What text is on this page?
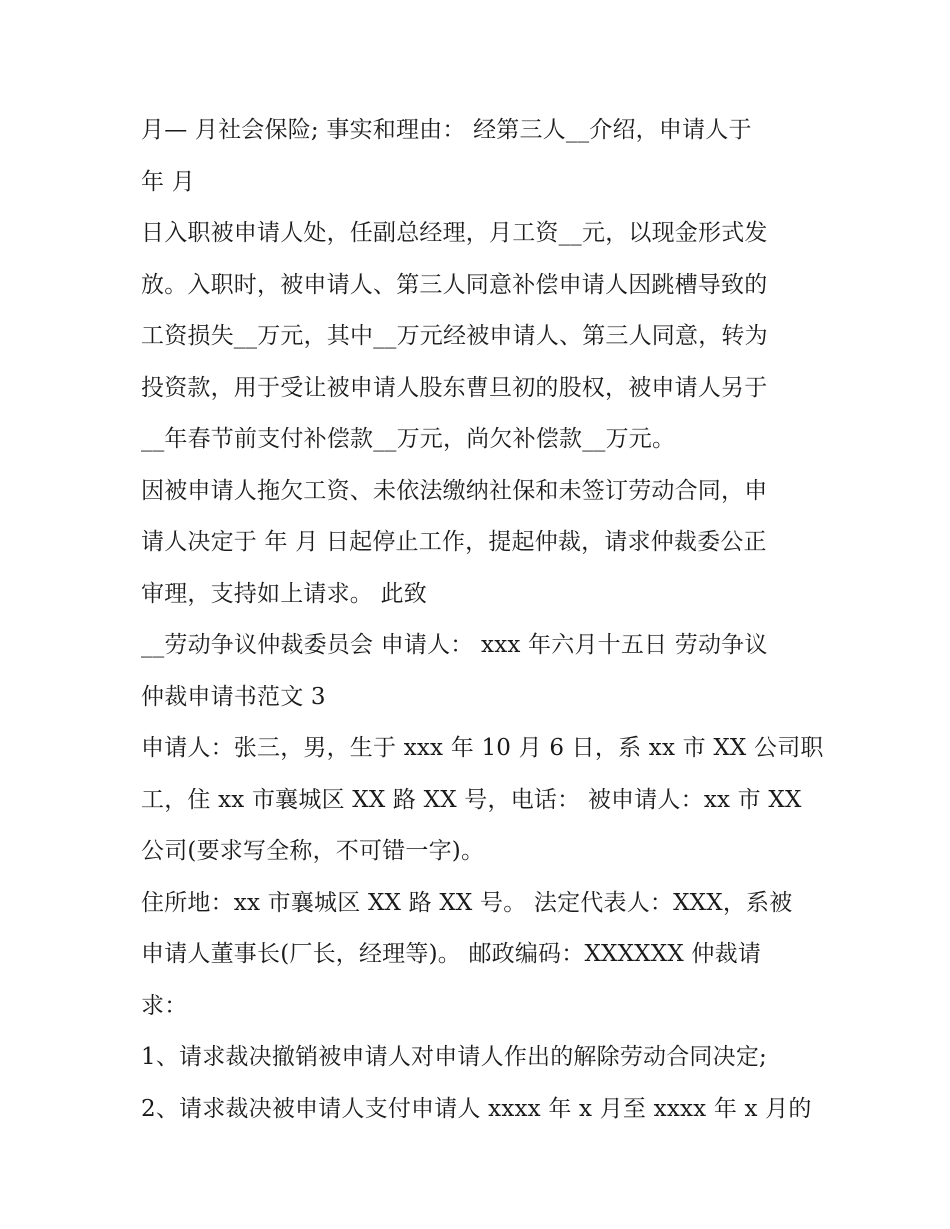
月— 月社会保险; 事实和理由： 经第三人__介绍，申请人于
年 月
日入职被申请人处，任副总经理，月工资__元，以现金形式发
放。入职时，被申请人、第三人同意补偿申请人因跳槽导致的
工资损失__万元，其中__万元经被申请人、第三人同意，转为
投资款，用于受让被申请人股东曹旦初的股权，被申请人另于
__年春节前支付补偿款__万元，尚欠补偿款__万元。
因被申请人拖欠工资、未依法缴纳社保和未签订劳动合同，申
请人决定于 年 月 日起停止工作，提起仲裁，请求仲裁委公正
审理，支持如上请求。 此致
__劳动争议仲裁委员会 申请人： xxx 年六月十五日 劳动争议
仲裁申请书范文 3
申请人：张三，男，生于 xxx 年 10 月 6 日，系 xx 市 XX 公司职
工，住 xx 市襄城区 XX 路 XX 号，电话： 被申请人：xx 市 XX
公司(要求写全称，不可错一字)。
住所地：xx 市襄城区 XX 路 XX 号。 法定代表人：XXX，系被
申请人董事长(厂长，经理等)。 邮政编码：XXXXXX 仲裁请
求：
1、请求裁决撤销被申请人对申请人作出的解除劳动合同决定;
2、请求裁决被申请人支付申请人 xxxx 年 x 月至 xxxx 年 x 月的
